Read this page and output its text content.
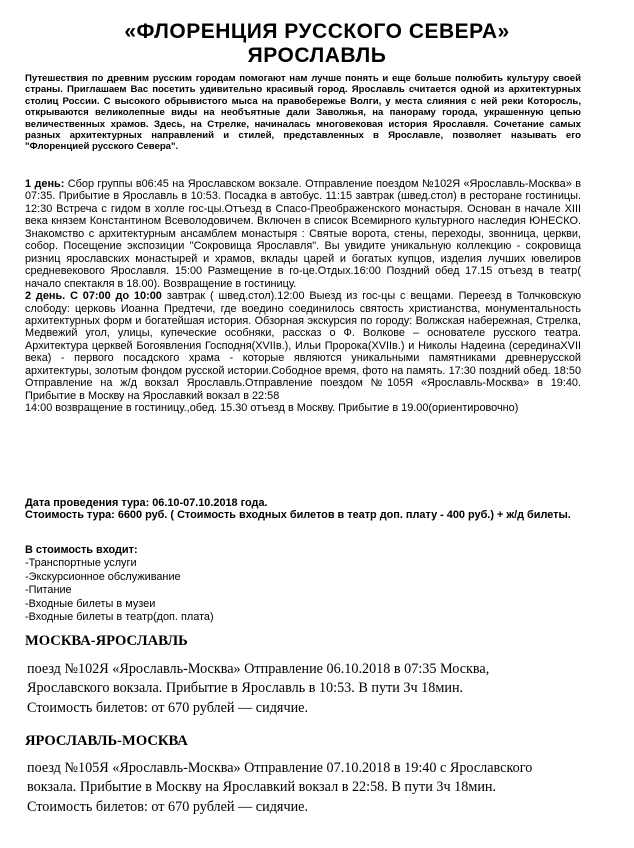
«ФЛОРЕНЦИЯ РУССКОГО СЕВЕРА»
ЯРОСЛАВЛЬ
Путешествия по древним русским городам помогают нам лучше понять и еще больше полюбить культуру своей страны. Приглашаем Вас посетить удивительно красивый город. Ярославль считается одной из архитектурных столиц России. С высокого обрывистого мыса на правобережье Волги, у места слияния с ней реки Которосль, открываются великолепные виды на необъятные дали Заволжья, на панораму города, украшенную цепью величественных храмов. Здесь, на Стрелке, начиналась многовековая история Ярославля. Сочетание самых разных архитектурных направлений и стилей, представленных в Ярославле, позволяет называть его "Флоренцией русского Севера".
1 день: Сбор группы в06:45 на Ярославском вокзале. Отправление поездом №102Я «Ярославль-Москва» в 07:35. Прибытие в Ярославль в 10:53. Посадка в автобус. 11:15 завтрак (швед.стол) в ресторане гостиницы. 12:30 Встреча с гидом в холле гос-цы.Отъезд в Спасо-Преображенского монастыря. Основан в начале XIII века князем Константином Всеволодовичем. Включен в список Всемирного культурного наследия ЮНЕСКО. Знакомство с архитектурным ансамблем монастыря : Святые ворота, стены, переходы, звонница, церкви, собор. Посещение экспозиции "Сокровища Ярославля". Вы увидите уникальную коллекцию - сокровища ризниц ярославских монастырей и храмов, вклады царей и богатых купцов, изделия лучших ювелиров средневекового Ярославля. 15:00 Размещение в го-це.Отдых.16:00 Поздний обед 17.15 отъезд в театр( начало спектакля в 18.00). Возвращение в гостиницу.
2 день. С 07:00 до 10:00 завтрак ( швед.стол).12:00 Выезд из гос-цы с вещами. Переезд в Толчковскую слободу: церковь Иоанна Предтечи, где воедино соединилось святость христианства, монументальность архитектурных форм и богатейшая история. Обзорная экскурсия по городу: Волжская набережная, Стрелка, Медвежий угол, улицы, купеческие особняки, рассказ о Ф. Волкове – основателе русского театра. Архитектура церквей Богоявления Господня(XVIIв.), Ильи Пророка(XVIIв.) и Николы Надеина (серединаXVII века) - первого посадского храма - которые являются уникальными памятниками древнерусской архитектуры, золотым фондом русской истории.Сободное время, фото на память. 17:30 поздний обед. 18:50 Отправление на ж/д вокзал Ярославль.Отправление поездом №105Я «Ярославль-Москва» в 19:40. Прибытие в Москву на Ярославкий вокзал в 22:58
14:00 возвращение в гостиницу.,обед. 15.30 отъезд в Москву. Прибытие в 19.00(ориентировочно)
Дата проведения тура: 06.10-07.10.2018 года.
Стоимость тура: 6600 руб. ( Стоимость входных билетов в театр доп. плату - 400 руб.) + ж/д билеты.
В стоимость входит:
-Транспортные услуги
-Экскурсионное обслуживание
-Питание
-Входные билеты в музеи
-Входные билеты в театр(доп. плата)
МОСКВА-ЯРОСЛАВЛЬ
поезд №102Я «Ярославль-Москва» Отправление 06.10.2018 в 07:35 Москва, Ярославского вокзала. Прибытие в Ярославль в 10:53. В пути 3ч 18мин.
Стоимость билетов: от 670 рублей — сидячие.
ЯРОСЛАВЛЬ-МОСКВА
поезд №105Я «Ярославль-Москва» Отправление 07.10.2018 в 19:40 с Ярославского вокзала. Прибытие в Москву на Ярославкий вокзал в 22:58. В пути 3ч 18мин.
Стоимость билетов: от 670 рублей — сидячие.
